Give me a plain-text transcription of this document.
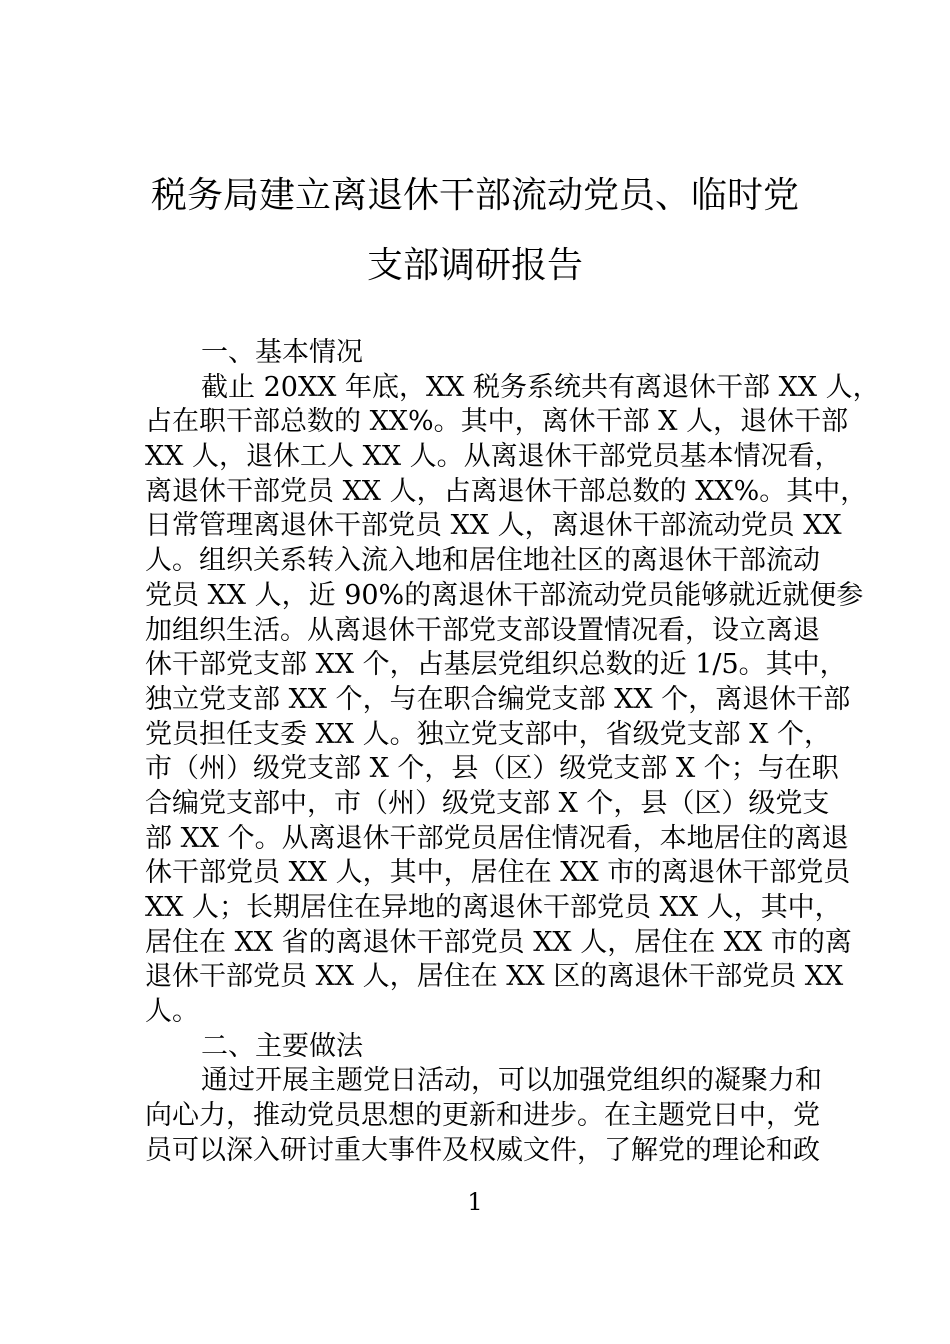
税务局建立离退休干部流动党员、临时党
支部调研报告
一、基本情况
截止 20XX 年底，XX 税务系统共有离退休干部 XX 人，
占在职干部总数的 XX%。其中，离休干部 X 人，退休干部
XX 人，退休工人 XX 人。从离退休干部党员基本情况看，
离退休干部党员 XX 人，占离退休干部总数的 XX%。其中，
日常管理离退休干部党员 XX 人，离退休干部流动党员 XX
人。组织关系转入流入地和居住地社区的离退休干部流动
党员 XX 人，近 90%的离退休干部流动党员能够就近就便参
加组织生活。从离退休干部党支部设置情况看，设立离退
休干部党支部 XX 个，占基层党组织总数的近 1/5。其中，
独立党支部 XX 个，与在职合编党支部 XX 个，离退休干部
党员担任支委 XX 人。独立党支部中，省级党支部 X 个，
市（州）级党支部 X 个，县（区）级党支部 X 个；与在职
合编党支部中，市（州）级党支部 X 个，县（区）级党支
部 XX 个。从离退休干部党员居住情况看，本地居住的离退
休干部党员 XX 人，其中，居住在 XX 市的离退休干部党员
XX 人；长期居住在异地的离退休干部党员 XX 人，其中，
居住在 XX 省的离退休干部党员 XX 人，居住在 XX 市的离
退休干部党员 XX 人，居住在 XX 区的离退休干部党员 XX
人。
二、主要做法
通过开展主题党日活动，可以加强党组织的凝聚力和
向心力，推动党员思想的更新和进步。在主题党日中，党
员可以深入研讨重大事件及权威文件，了解党的理论和政
1
